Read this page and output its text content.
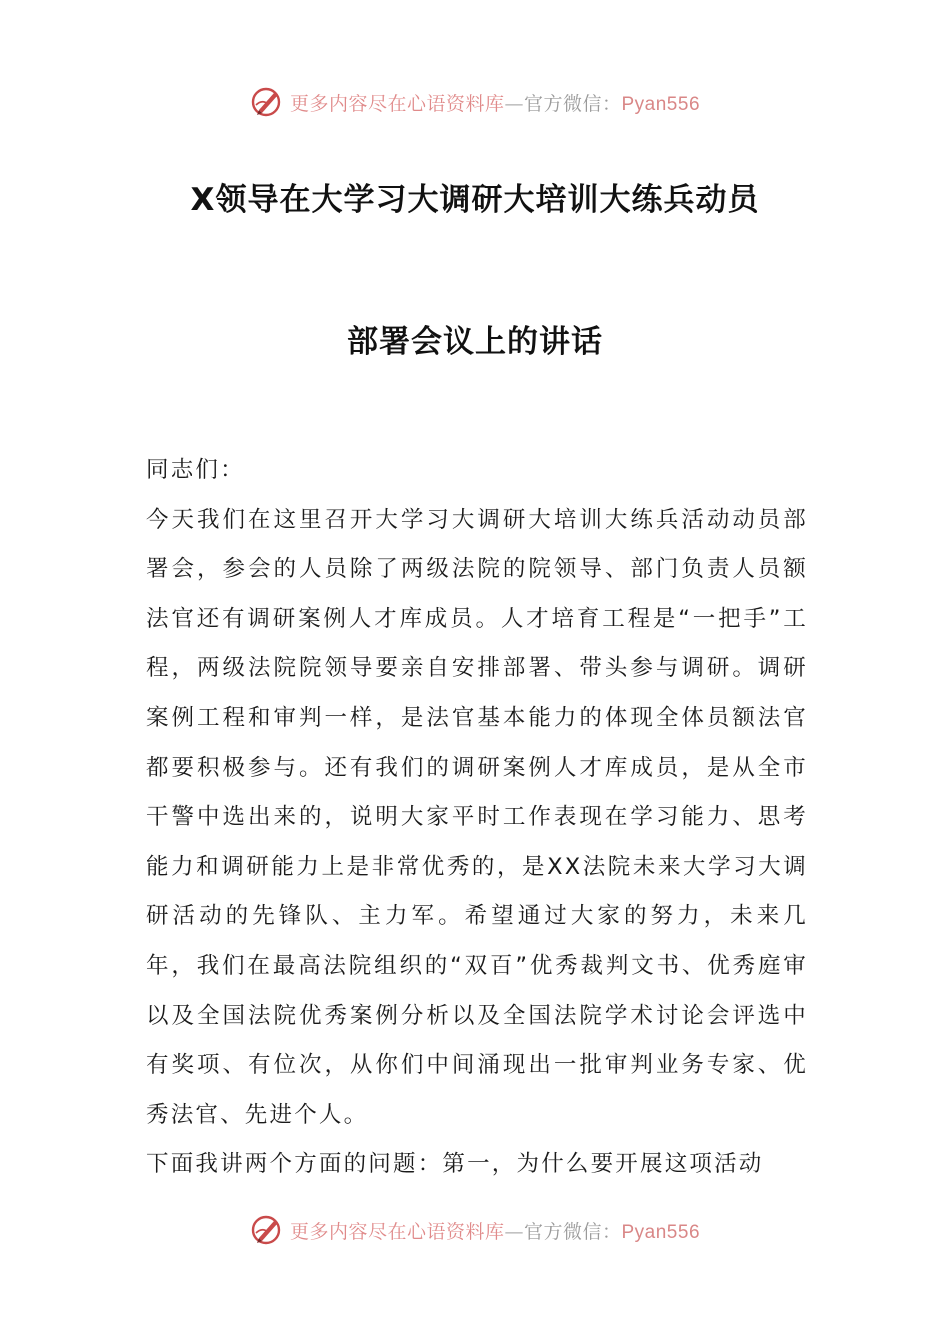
更多内容尽在心语资料库—官方微信：Pyan556
X领导在大学习大调研大培训大练兵动员
部署会议上的讲话

同志们：

今天我们在这里召开大学习大调研大培训大练兵活动动员部署会，参会的人员除了两级法院的院领导、部门负责人员额法官还有调研案例人才库成员。人才培育工程是“一把手”工程，两级法院院领导要亲自安排部署、带头参与调研。调研案例工程和审判一样，是法官基本能力的体现全体员额法官都要积极参与。还有我们的调研案例人才库成员，是从全市干警中选出来的，说明大家平时工作表现在学习能力、思考能力和调研能力上是非常优秀的，是XX法院未来大学习大调研活动的先锋队、主力军。希望通过大家的努力，未来几年，我们在最高法院组织的“双百”优秀裁判文书、优秀庭审以及全国法院优秀案例分析以及全国法院学术讨论会评选中有奖项、有位次，从你们中间涌现出一批审判业务专家、优秀法官、先进个人。

下面我讲两个方面的问题：第一，为什么要开展这项活动

更多内容尽在心语资料库—官方微信：Pyan556
